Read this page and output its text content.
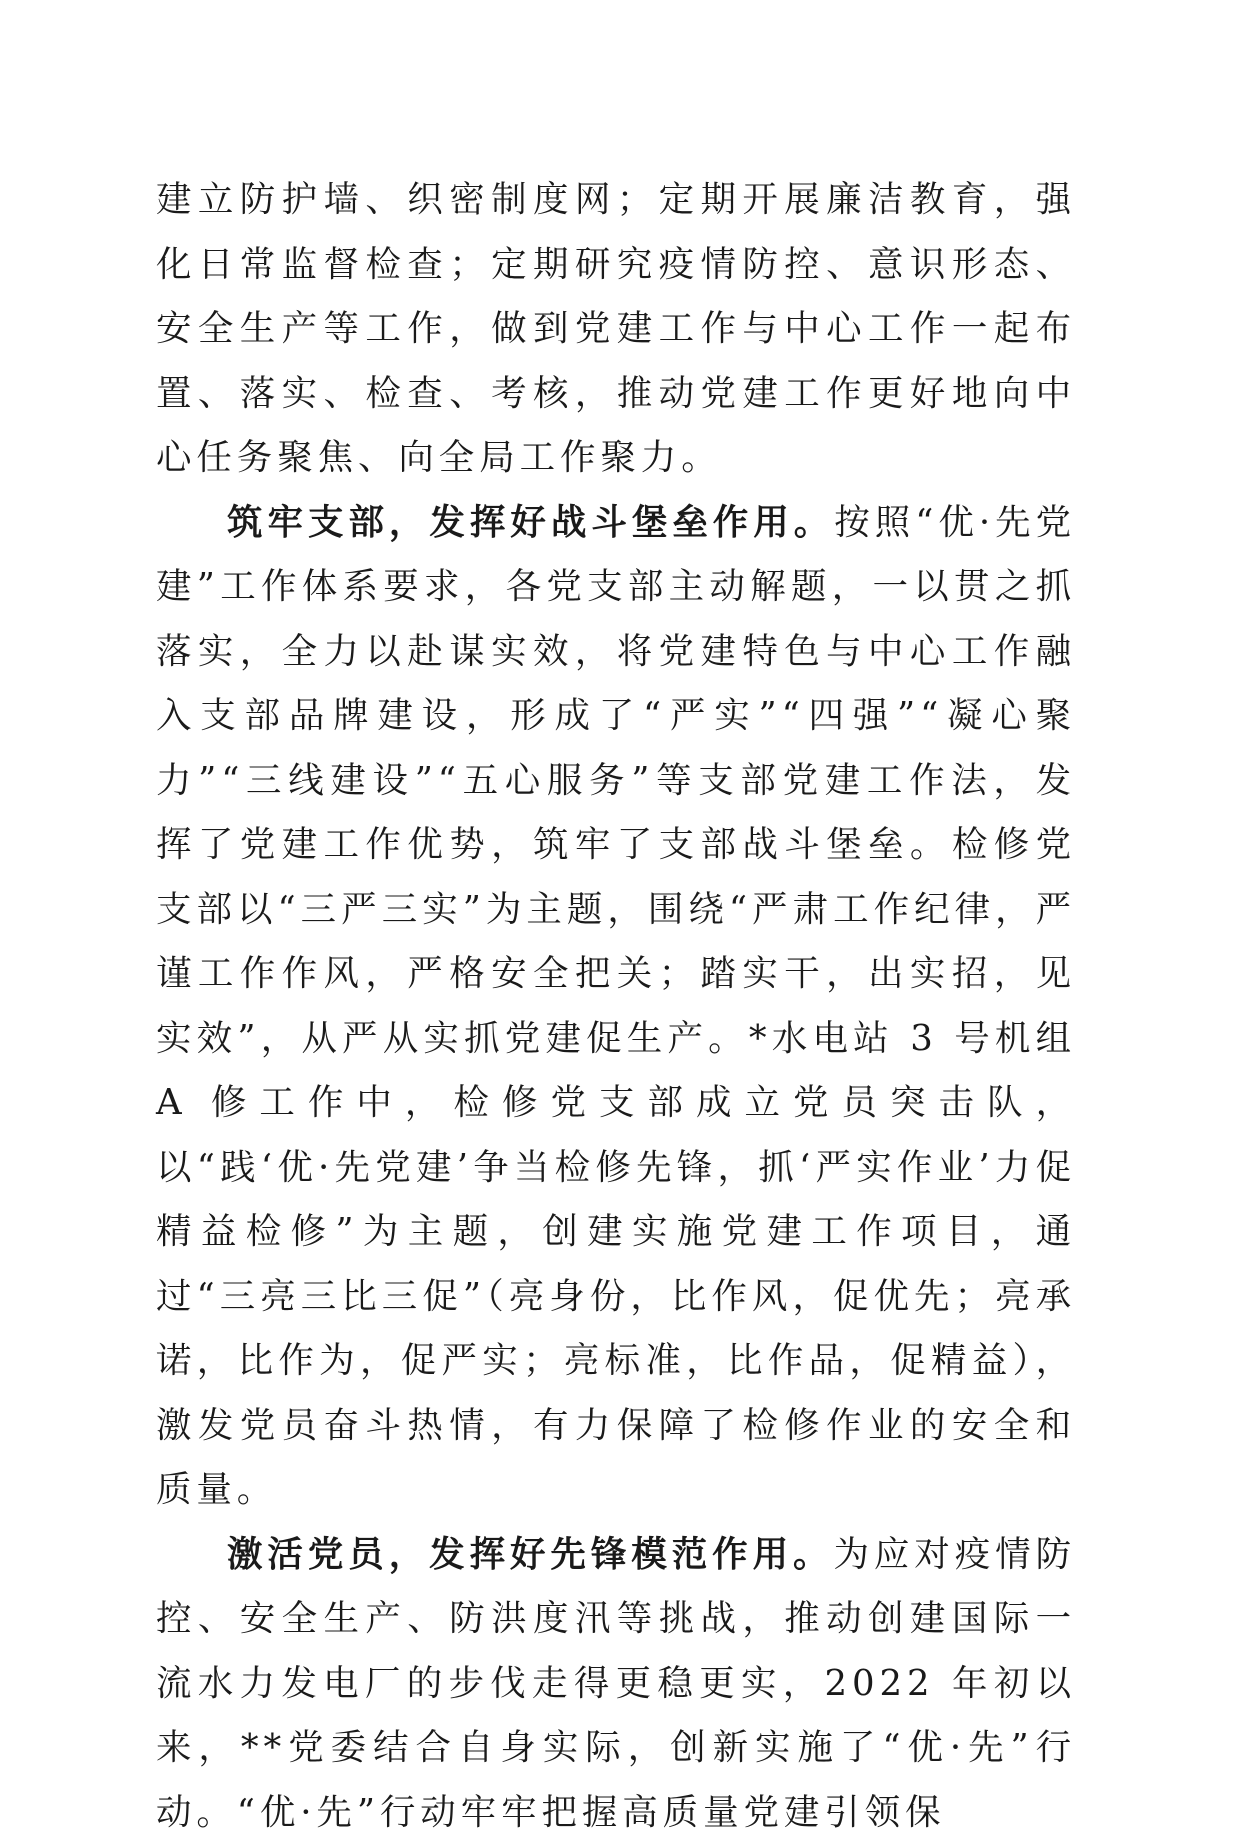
建立防护墙、织密制度网；定期开展廉洁教育，强化日常监督检查；定期研究疫情防控、意识形态、安全生产等工作，做到党建工作与中心工作一起布置、落实、检查、考核，推动党建工作更好地向中心任务聚焦、向全局工作聚力。

筑牢支部，发挥好战斗堡垒作用。按照“优·先党建”工作体系要求，各党支部主动解题，一以贯之抓落实，全力以赴谋实效，将党建特色与中心工作融入支部品牌建设，形成了“严实”“四强”“凝心聚力”“三线建设”“五心服务”等支部党建工作法，发挥了党建工作优势，筑牢了支部战斗堡垒。检修党支部以“三严三实”为主题，围绕“严肃工作纪律，严谨工作作风，严格安全把关；踏实干，出实招，见实效”，从严从实抓党建促生产。*水电站 3 号机组 A 修工作中，检修党支部成立党员突击队，以“践‘优·先党建’争当检修先锋，抓‘严实作业’力促精益检修”为主题，创建实施党建工作项目，通过“三亮三比三促”（亮身份，比作风，促优先；亮承诺，比作为，促严实；亮标准，比作品，促精益），激发党员奋斗热情，有力保障了检修作业的安全和质量。

激活党员，发挥好先锋模范作用。为应对疫情防控、安全生产、防洪度汛等挑战，推动创建国际一流水力发电厂的步伐走得更稳更实，2022 年初以来，**党委结合自身实际，创新实施了“优·先”行动。“优·先”行动牢牢把握高质量党建引领保
